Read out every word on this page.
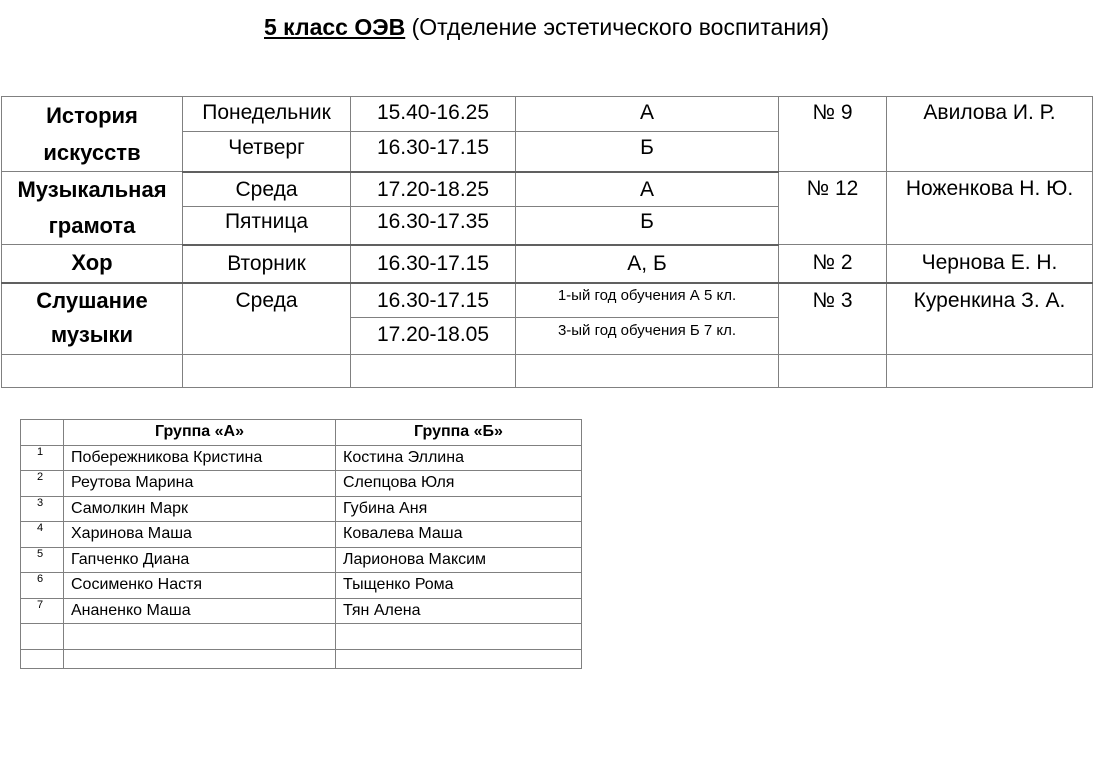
5 класс ОЭВ (Отделение эстетического воспитания)
История
искусств	Понедельник	15.40-16.25	А	№ 9	Авилова И. Р.
	Четверг	16.30-17.15	Б		

Музыкальная
грамота	Среда	17.20-18.25	А	№ 12	Ноженкова Н. Ю.
	Пятница	16.30-17.35	Б		
Хор	Вторник	16.30-17.15	А, Б	№ 2	Чернова Е. Н.

Слушание
музыки	Среда	16.30-17.15	1-ый год обучения А 5 кл.	№ 3	Куренкина З. А.
		17.20-18.05	3-ый год обучения Б 7 кл.		

	Группа «А»	Группа «Б»
1	Побережникова Кристина	Костина Эллина
2	Реутова Марина	Слепцова Юля
3	Самолкин Марк	Губина Аня
4	Харинова Маша	Ковалева Маша
5	Гапченко Диана	Ларионова Максим
6	Сосименко Настя	Тыщенко Рома
7	Ананенко Маша	Тян Алена
